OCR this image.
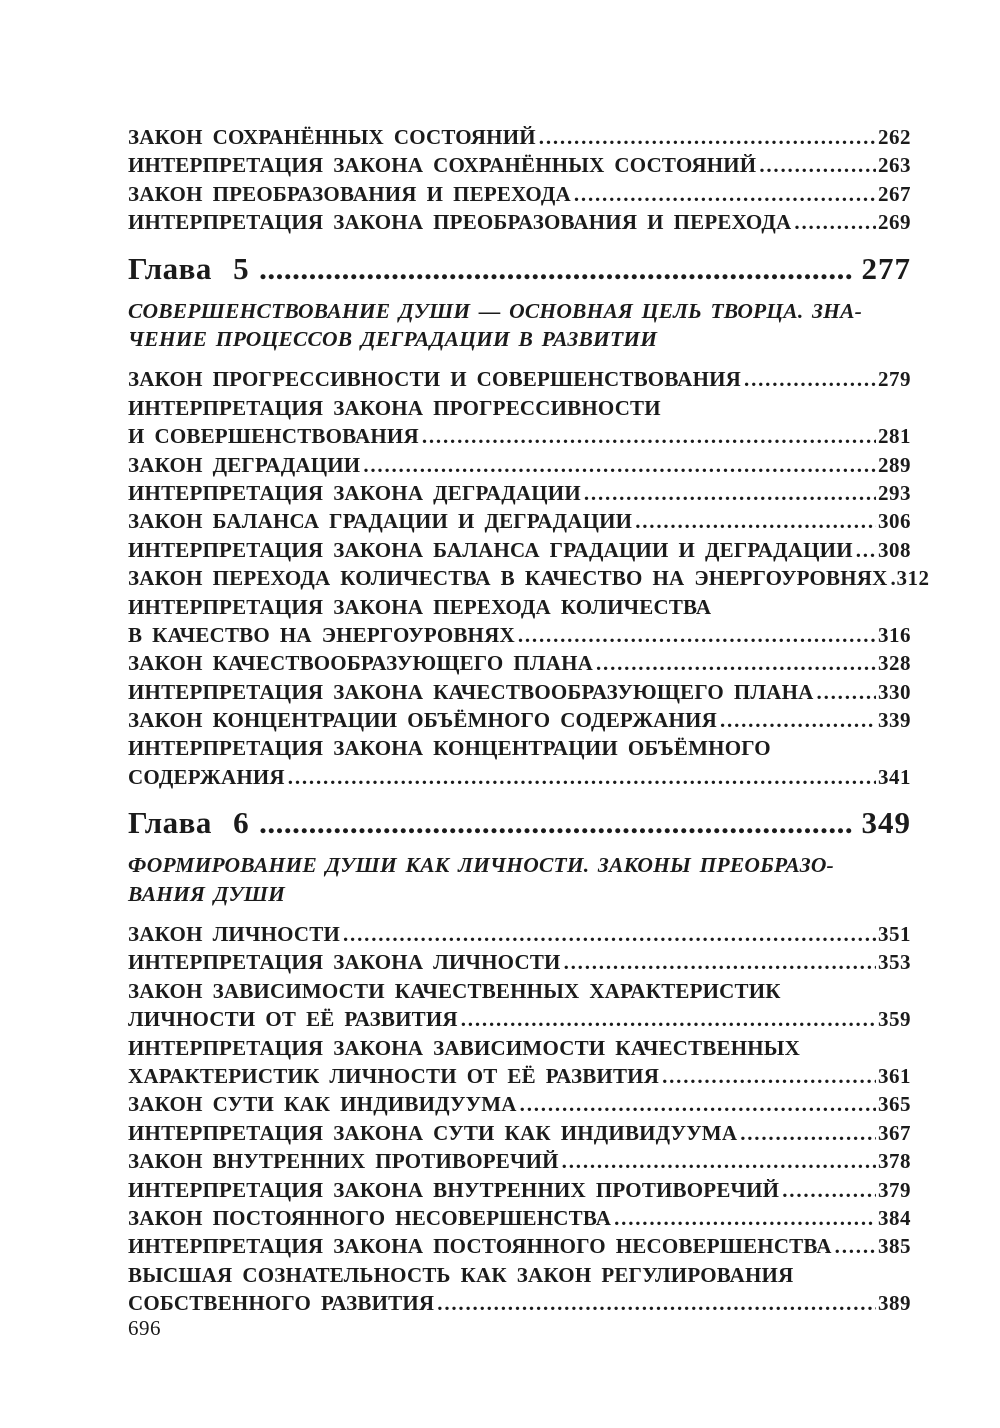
ЗАКОН СОХРАНЁННЫХ СОСТОЯНИЙ .....	262
ИНТЕРПРЕТАЦИЯ ЗАКОНА СОХРАНЁННЫХ СОСТОЯНИЙ .....	263
ЗАКОН ПРЕОБРАЗОВАНИЯ И ПЕРЕХОДА .....	267
ИНТЕРПРЕТАЦИЯ ЗАКОНА ПРЕОБРАЗОВАНИЯ И ПЕРЕХОДА .....	269
Глава 5 .....	277
СОВЕРШЕНСТВОВАНИЕ ДУШИ — ОСНОВНАЯ ЦЕЛЬ ТВОРЦА. ЗНА-
ЧЕНИЕ ПРОЦЕССОВ ДЕГРАДАЦИИ В РАЗВИТИИ
ЗАКОН ПРОГРЕССИВНОСТИ И СОВЕРШЕНСТВОВАНИЯ .....	279
ИНТЕРПРЕТАЦИЯ ЗАКОНА ПРОГРЕССИВНОСТИ
И СОВЕРШЕНСТВОВАНИЯ .....	281
ЗАКОН ДЕГРАДАЦИИ .....	289
ИНТЕРПРЕТАЦИЯ ЗАКОНА ДЕГРАДАЦИИ .....	293
ЗАКОН БАЛАНСА ГРАДАЦИИ И ДЕГРАДАЦИИ .....	306
ИНТЕРПРЕТАЦИЯ ЗАКОНА БАЛАНСА ГРАДАЦИИ И ДЕГРАДАЦИИ ..... 308
ЗАКОН ПЕРЕХОДА КОЛИЧЕСТВА В КАЧЕСТВО НА ЭНЕРГОУРОВНЯХ ..... 312
ИНТЕРПРЕТАЦИЯ ЗАКОНА ПЕРЕХОДА КОЛИЧЕСТВА
В КАЧЕСТВО НА ЭНЕРГОУРОВНЯХ .....	316
ЗАКОН КАЧЕСТВООБРАЗУЮЩЕГО ПЛАНА .....	328
ИНТЕРПРЕТАЦИЯ ЗАКОНА КАЧЕСТВООБРАЗУЮЩЕГО ПЛАНА .....	330
ЗАКОН КОНЦЕНТРАЦИИ ОБЪЁМНОГО СОДЕРЖАНИЯ .....	339
ИНТЕРПРЕТАЦИЯ ЗАКОНА КОНЦЕНТРАЦИИ ОБЪЁМНОГО
СОДЕРЖАНИЯ .....	341
Глава 6 .....	349
ФОРМИРОВАНИЕ ДУШИ КАК ЛИЧНОСТИ. ЗАКОНЫ ПРЕОБРАЗО-
ВАНИЯ ДУШИ
ЗАКОН ЛИЧНОСТИ .....	351
ИНТЕРПРЕТАЦИЯ ЗАКОНА ЛИЧНОСТИ .....	353
ЗАКОН ЗАВИСИМОСТИ КАЧЕСТВЕННЫХ ХАРАКТЕРИСТИК
ЛИЧНОСТИ ОТ ЕЁ РАЗВИТИЯ .....	359
ИНТЕРПРЕТАЦИЯ ЗАКОНА ЗАВИСИМОСТИ КАЧЕСТВЕННЫХ
ХАРАКТЕРИСТИК ЛИЧНОСТИ ОТ ЕЁ РАЗВИТИЯ .....	361
ЗАКОН СУТИ КАК ИНДИВИДУУМА .....	365
ИНТЕРПРЕТАЦИЯ ЗАКОНА СУТИ КАК ИНДИВИДУУМА .....	367
ЗАКОН ВНУТРЕННИХ ПРОТИВОРЕЧИЙ .....	378
ИНТЕРПРЕТАЦИЯ ЗАКОНА ВНУТРЕННИХ ПРОТИВОРЕЧИЙ .....	379
ЗАКОН ПОСТОЯННОГО НЕСОВЕРШЕНСТВА .....	384
ИНТЕРПРЕТАЦИЯ ЗАКОНА ПОСТОЯННОГО НЕСОВЕРШЕНСТВА ..... 385
ВЫСШАЯ СОЗНАТЕЛЬНОСТЬ КАК ЗАКОН РЕГУЛИРОВАНИЯ
СОБСТВЕННОГО РАЗВИТИЯ .....	389
696
